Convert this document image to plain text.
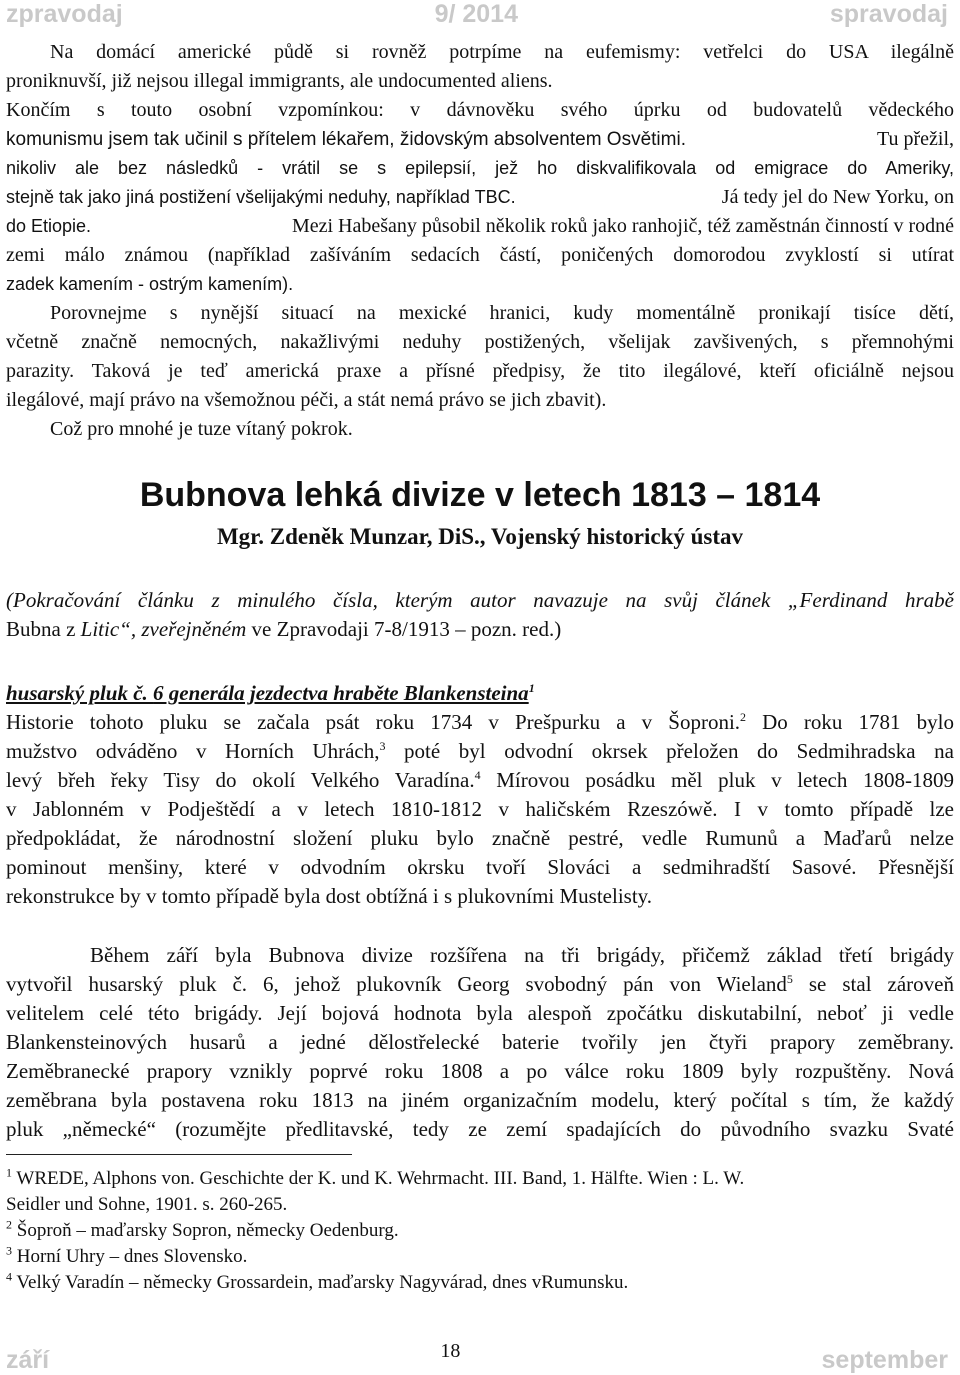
zpravodaj	9/ 2014	spravodaj
Na domácí americké půdě si rovněž potrpíme na eufemismy: vetřelci do USA ilegálně
proniknuvší, již nejsou illegal immigrants, ale undocumented aliens.
Končím s touto osobní vzpomínkou: v dávnověku svého úprku od budovatelů vědeckého
komunismu jsem tak učinil s přítelem lékařem, židovským absolventem Osvětimi.	Tu přežil,
nikoliv ale bez následků - vrátil se s epilepsií, jež ho diskvalifikovala od emigrace do Ameriky,
stejně tak jako jiná postižení všelijakými neduhy, například TBC.	Já tedy jel do New Yorku, on
do Etiopie.	Mezi Habešany působil několik roků jako ranhojič, též zaměstnán činností v rodné
zemi málo známou (například zašíváním sedacích částí, poničených domorodou zvyklostí si utírat
zadek kamením - ostrým kamením).
Porovnejme s nynější situací na mexické hranici, kudy momentálně pronikají tisíce dětí,
včetně značně nemocných, nakažlivými neduhy postižených, všelijak zavšivených, s přemnohými
parazity. Taková je teď americká praxe a přísné předpisy, že tito ilegálové, kteří oficiálně nejsou
ilegálové, mají právo na všemožnou péči, a stát nemá právo se jich zbavit).
Což pro mnohé je tuze vítaný pokrok.
Bubnova lehká divize v letech 1813 – 1814
Mgr. Zdeněk Munzar, DiS., Vojenský historický ústav
(Pokračování článku z minulého čísla, kterým autor navazuje na svůj článek „Ferdinand hrabě
Bubna z Litic“, zveřejněném ve Zpravodaji 7-8/1913 – pozn. red.)
husarský pluk č. 6 generála jezdectva hraběte Blankensteina$^1$
Historie tohoto pluku se začala psát roku 1734 v Prešpurku a v Šoproni.$^2$ Do roku 1781 bylo
mužstvo odváděno v Horních Uhrách,$^3$ poté byl odvodní okrsek přeložen do Sedmihradska na
levý břeh řeky Tisy do okolí Velkého Varadína.$^4$ Mírovou posádku měl pluk v letech 1808-1809
v Jablonném v Podještědí a v letech 1810-1812 v haličském Rzeszówě. I v tomto případě lze
předpokládat, že národnostní složení pluku bylo značně pestré, vedle Rumunů a Maďarů nelze
pominout menšiny, které v odvodním okrsku tvoří Slováci a sedmihradští Sasové. Přesnější
rekonstrukce by v tomto případě byla dost obtížná i s plukovními Mustelisty.
Během září byla Bubnova divize rozšířena na tři brigády, přičemž základ třetí brigády
vytvořil husarský pluk č. 6, jehož plukovník Georg svobodný pán von Wieland$^5$ se stal zároveň
velitelem celé této brigády. Její bojová hodnota byla alespoň zpočátku diskutabilní, neboť ji vedle
Blankensteinových husarů a jedné dělostřelecké baterie tvořily jen čtyři prapory zeměbrany.
Zeměbranecké prapory vznikly poprvé roku 1808 a po válce roku 1809 byly rozpuštěny. Nová
zeměbrana byla postavena roku 1813 na jiném organizačním modelu, který počítal s tím, že každý
pluk „německé“ (rozumějte předlitavské, tedy ze zemí spadajících do původního svazku Svaté
$^1$ WREDE, Alphons von. Geschichte der K. und K. Wehrmacht. III. Band, 1. Hälfte. Wien : L. W.
Seidler und Sohne, 1901. s. 260-265.
$^2$ Šoproň – maďarsky Sopron, německy Oedenburg.
$^3$ Horní Uhry – dnes Slovensko.
$^4$ Velký Varadín – německy Grossardein, maďarsky Nagyvárad, dnes vRumunsku.
září	18	september
